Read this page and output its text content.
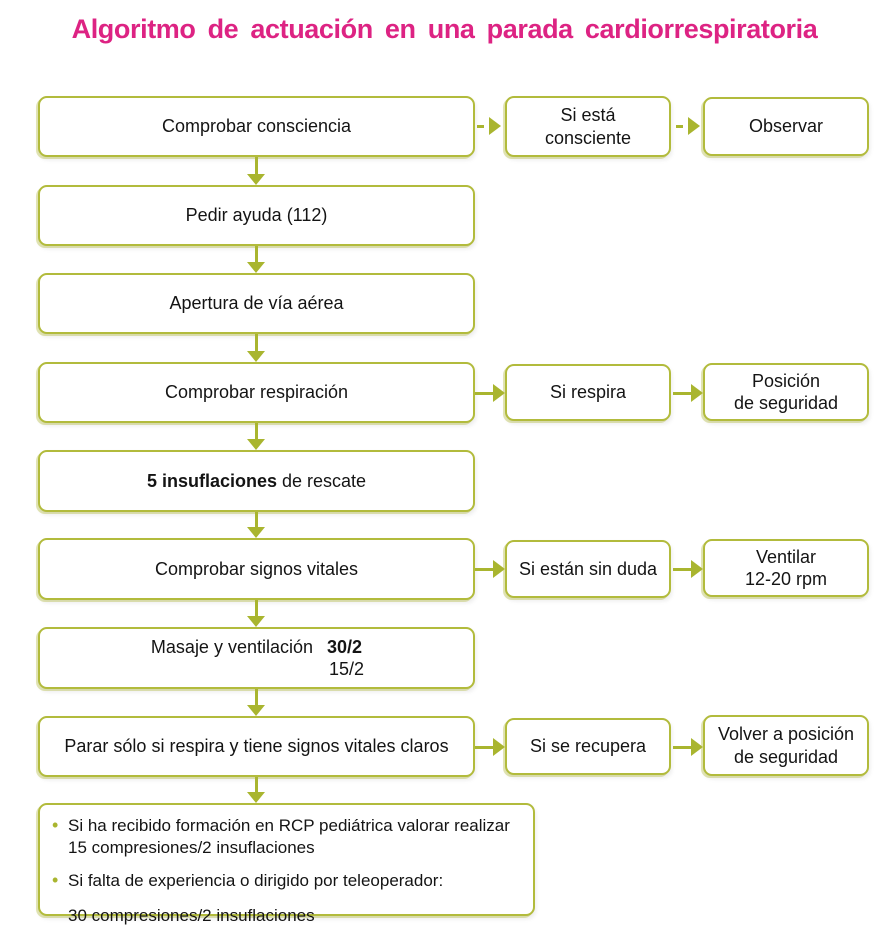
Algoritmo de actuación en una parada cardiorrespiratoria
Comprobar consciencia
Pedir ayuda (112)
Apertura de vía aérea
Comprobar respiración
5 insuflaciones de rescate
Comprobar signos vitales
Masaje y ventilación 30/2
15/2
Parar sólo si respira y tiene signos vitales claros
Si está
consciente
Observar
Si respira
Posición
de seguridad
Si están sin duda
Ventilar
12-20 rpm
Si se recupera
Volver a posición
de seguridad
• Si ha recibido formación en RCP pediátrica valorar realizar 15 compresiones/2 insuflaciones
• Si falta de experiencia o dirigido por teleoperador:
30 compresiones/2 insuflaciones
